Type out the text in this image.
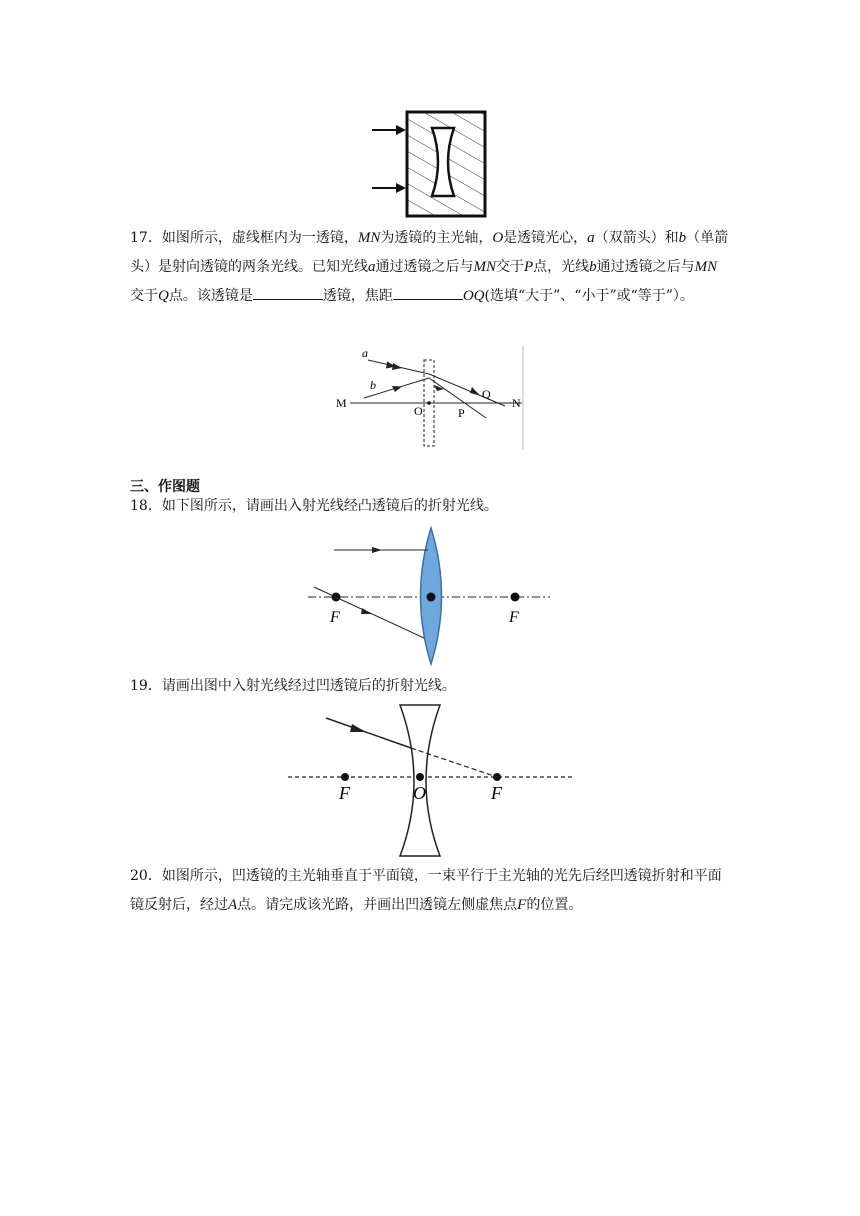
17．如图所示，虚线框内为一透镜，MN为透镜的主光轴，O是透镜光心，a（双箭头）和b（单箭头）是射向透镜的两条光线。已知光线a通过透镜之后与MN交于P点，光线b通过透镜之后与MN交于Q点。该透镜是	透镜，焦距	OQ(选填“大于”、“小于”或“等于”）。

a
b
M
O	P
Q
N

三、作图题

18．如下图所示，请画出入射光线经凸透镜后的折射光线。

F	F

19．请画出图中入射光线经过凹透镜后的折射光线。

F	O	F

20．如图所示，凹透镜的主光轴垂直于平面镜，一束平行于主光轴的光先后经凹透镜折射和平面镜反射后，经过A点。请完成该光路，并画出凹透镜左侧虚焦点F的位置。
